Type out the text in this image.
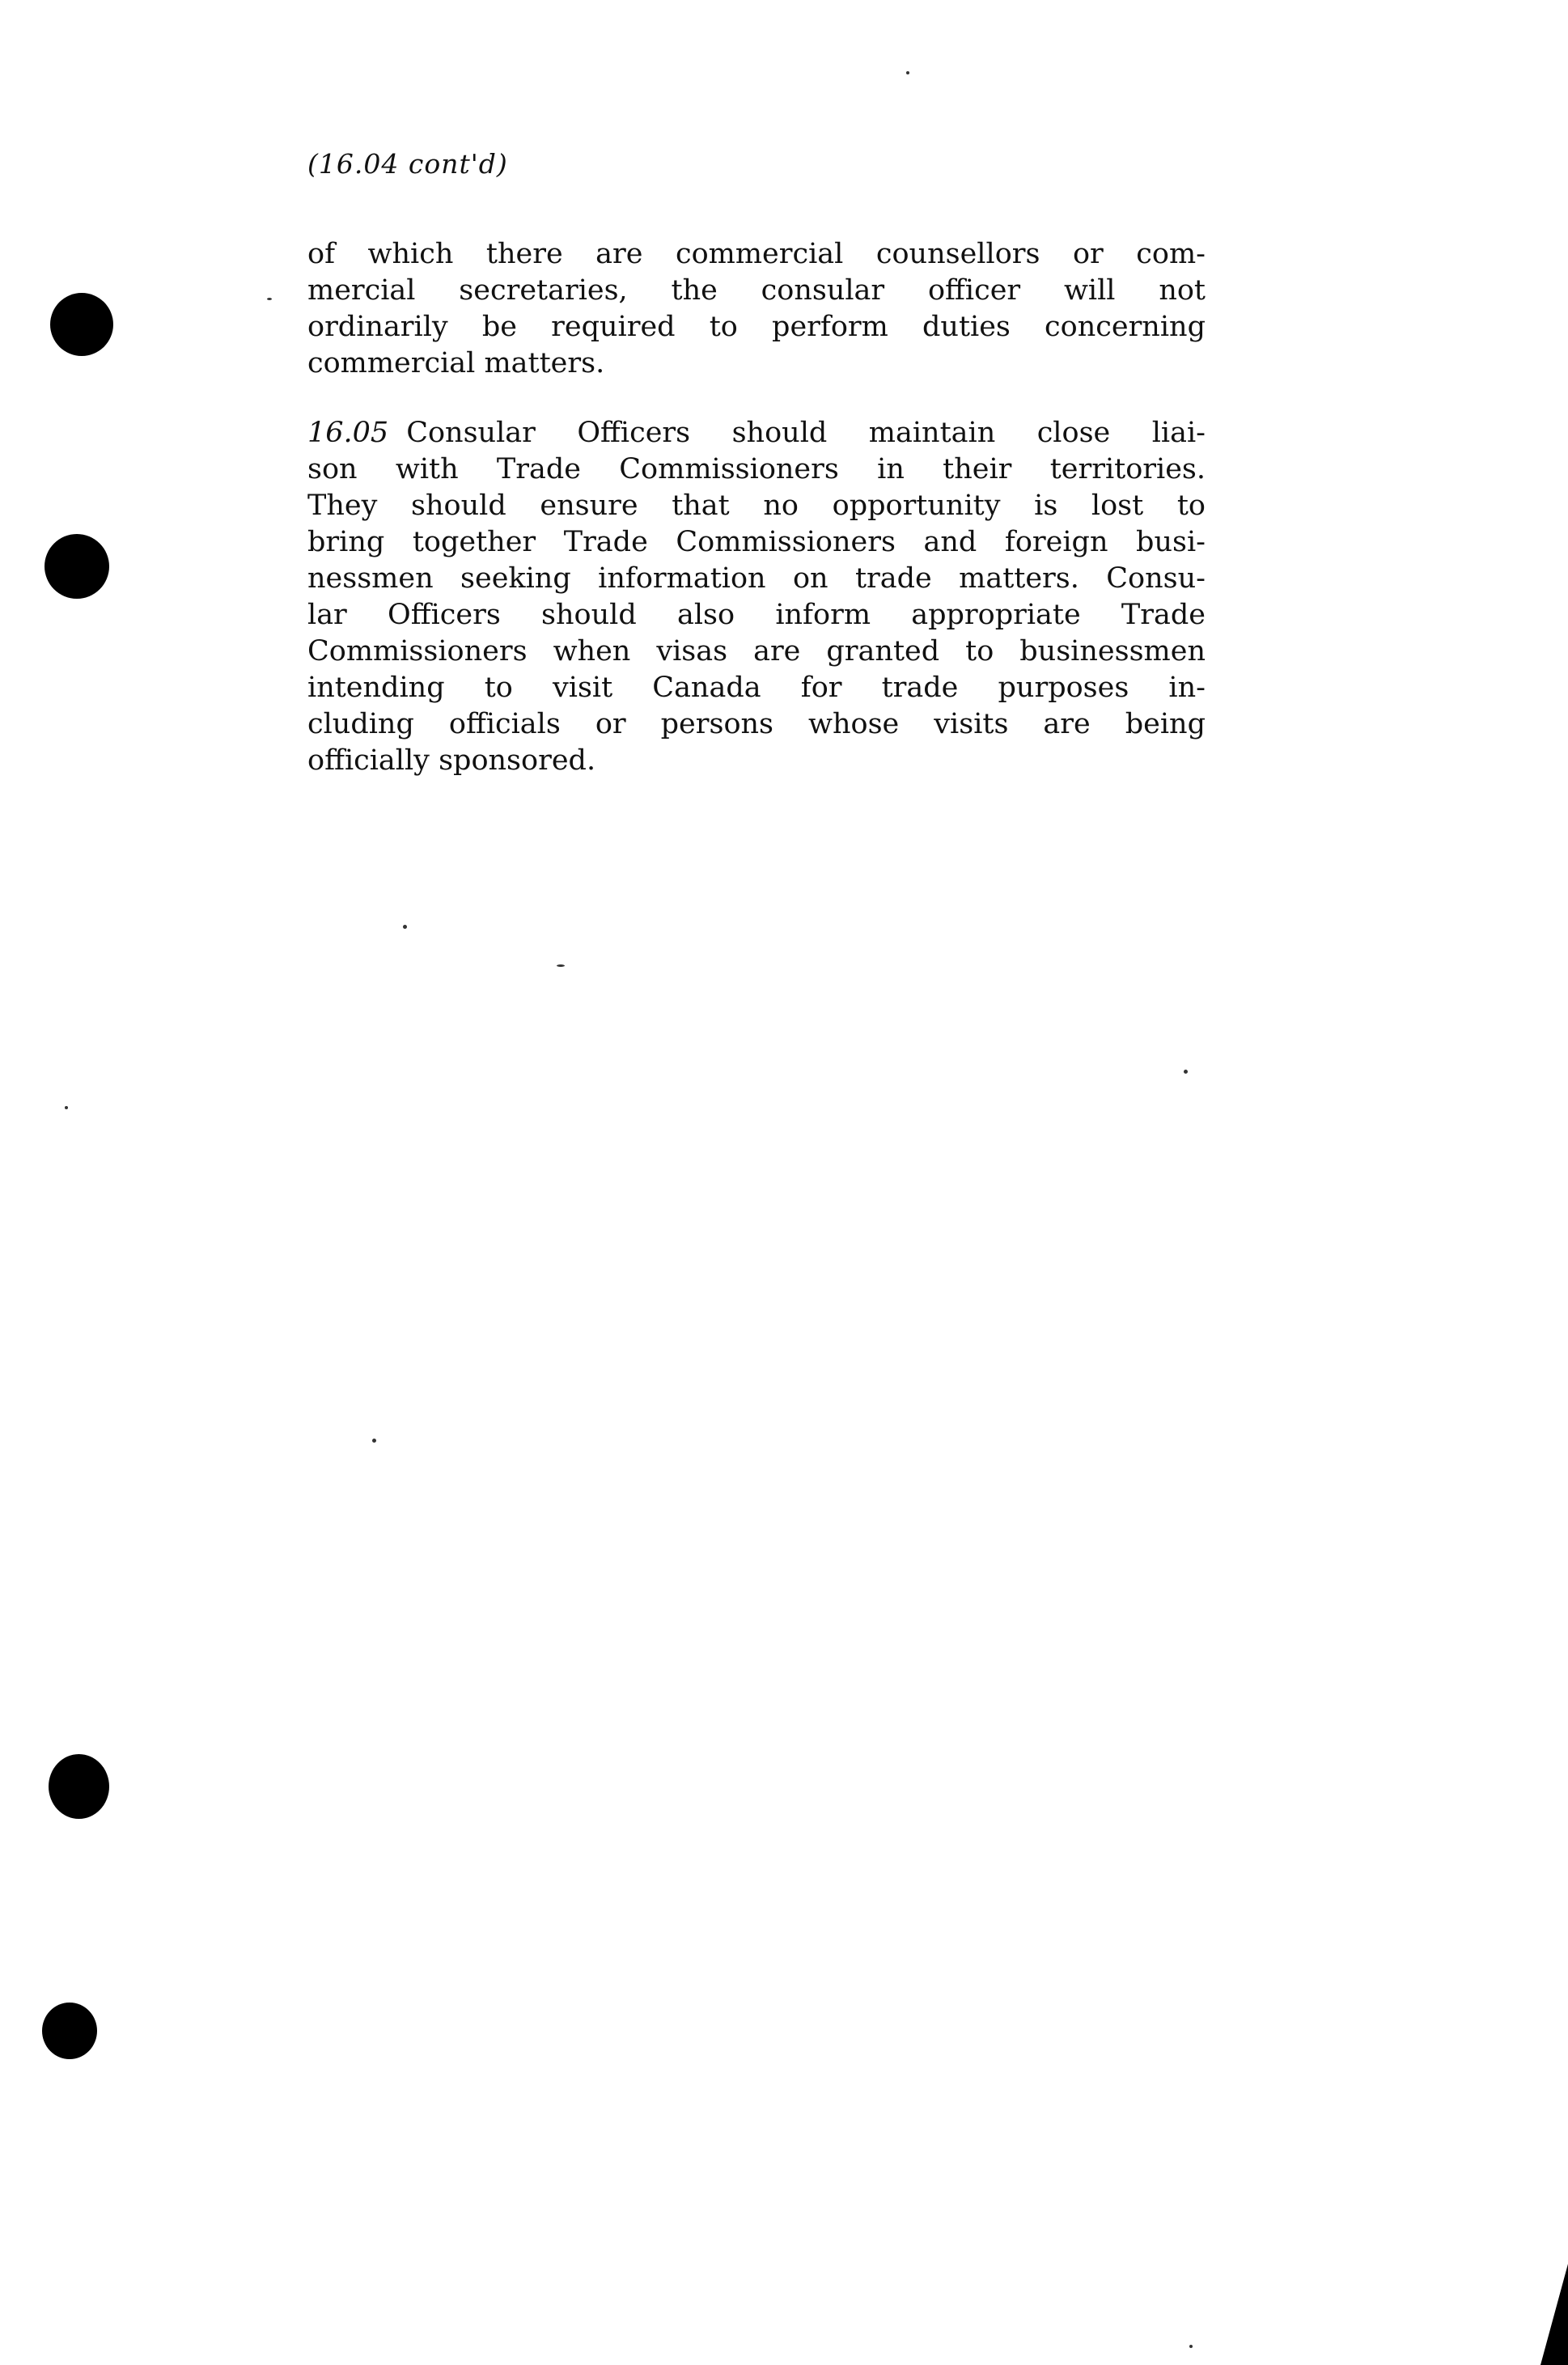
(16.04 cont'd)
of which there are commercial counsellors or com-
mercial secretaries, the consular officer will not
ordinarily be required to perform duties concerning
commercial matters.
16.05 Consular Officers should maintain close liai-
son with Trade Commissioners in their territories.
They should ensure that no opportunity is lost to
bring together Trade Commissioners and foreign busi-
nessmen seeking information on trade matters. Consu-
lar Officers should also inform appropriate Trade
Commissioners when visas are granted to businessmen
intending to visit Canada for trade purposes in-
cluding officials or persons whose visits are being
officially sponsored.
